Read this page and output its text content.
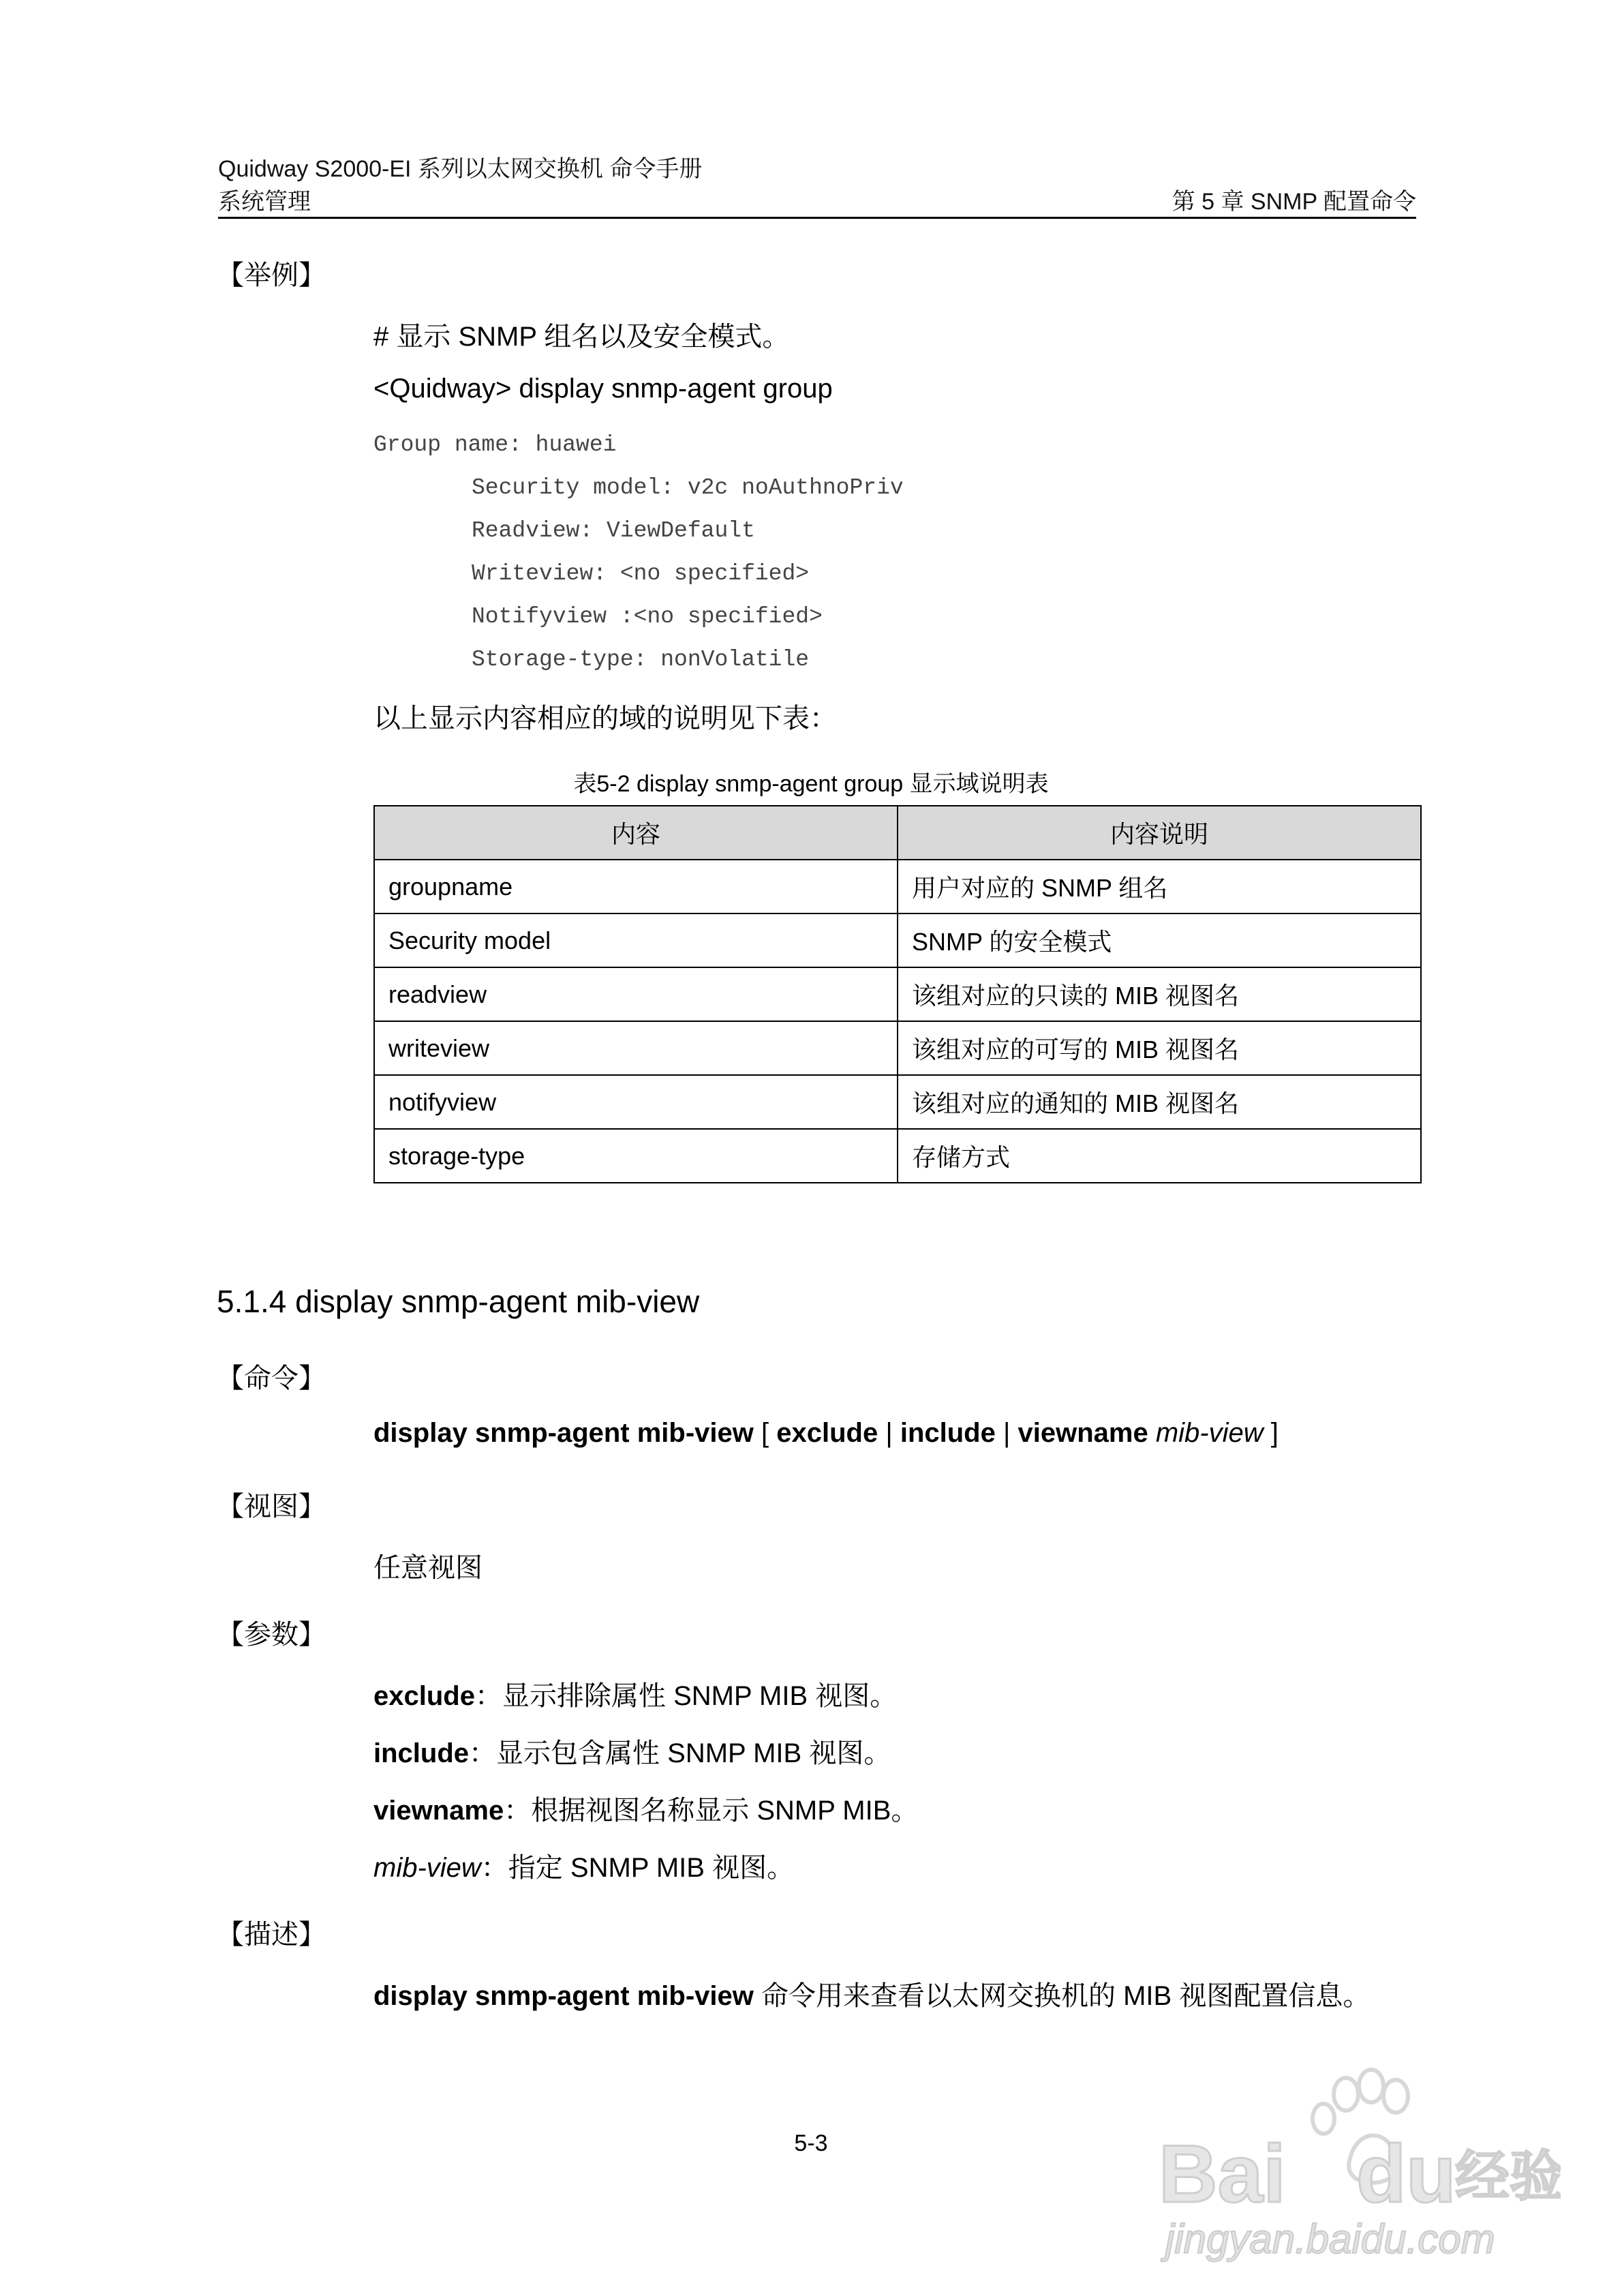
Quidway S2000-EI 系列以太网交换机 命令手册
系统管理	第 5 章 SNMP 配置命令
【举例】
# 显示 SNMP 组名以及安全模式。
<Quidway> display snmp-agent group
Group name: huawei
Security model: v2c noAuthnoPriv
Readview: ViewDefault
Writeview: <no specified>
Notifyview :<no specified>
Storage-type: nonVolatile
以上显示内容相应的域的说明见下表：
表5-2 display snmp-agent group 显示域说明表
内容	内容说明
groupname	用户对应的 SNMP 组名
Security model	SNMP 的安全模式
readview	该组对应的只读的 MIB 视图名
writeview	该组对应的可写的 MIB 视图名
notifyview	该组对应的通知的 MIB 视图名
storage-type	存储方式
5.1.4 display snmp-agent mib-view
【命令】
display snmp-agent mib-view [ exclude | include | viewname mib-view ]
【视图】
任意视图
【参数】
exclude：显示排除属性 SNMP MIB 视图。
include：显示包含属性 SNMP MIB 视图。
viewname：根据视图名称显示 SNMP MIB。
mib-view：指定 SNMP MIB 视图。
【描述】
display snmp-agent mib-view 命令用来查看以太网交换机的 MIB 视图配置信息。
5-3	Bai du
经验
jingyan.baidu.com
